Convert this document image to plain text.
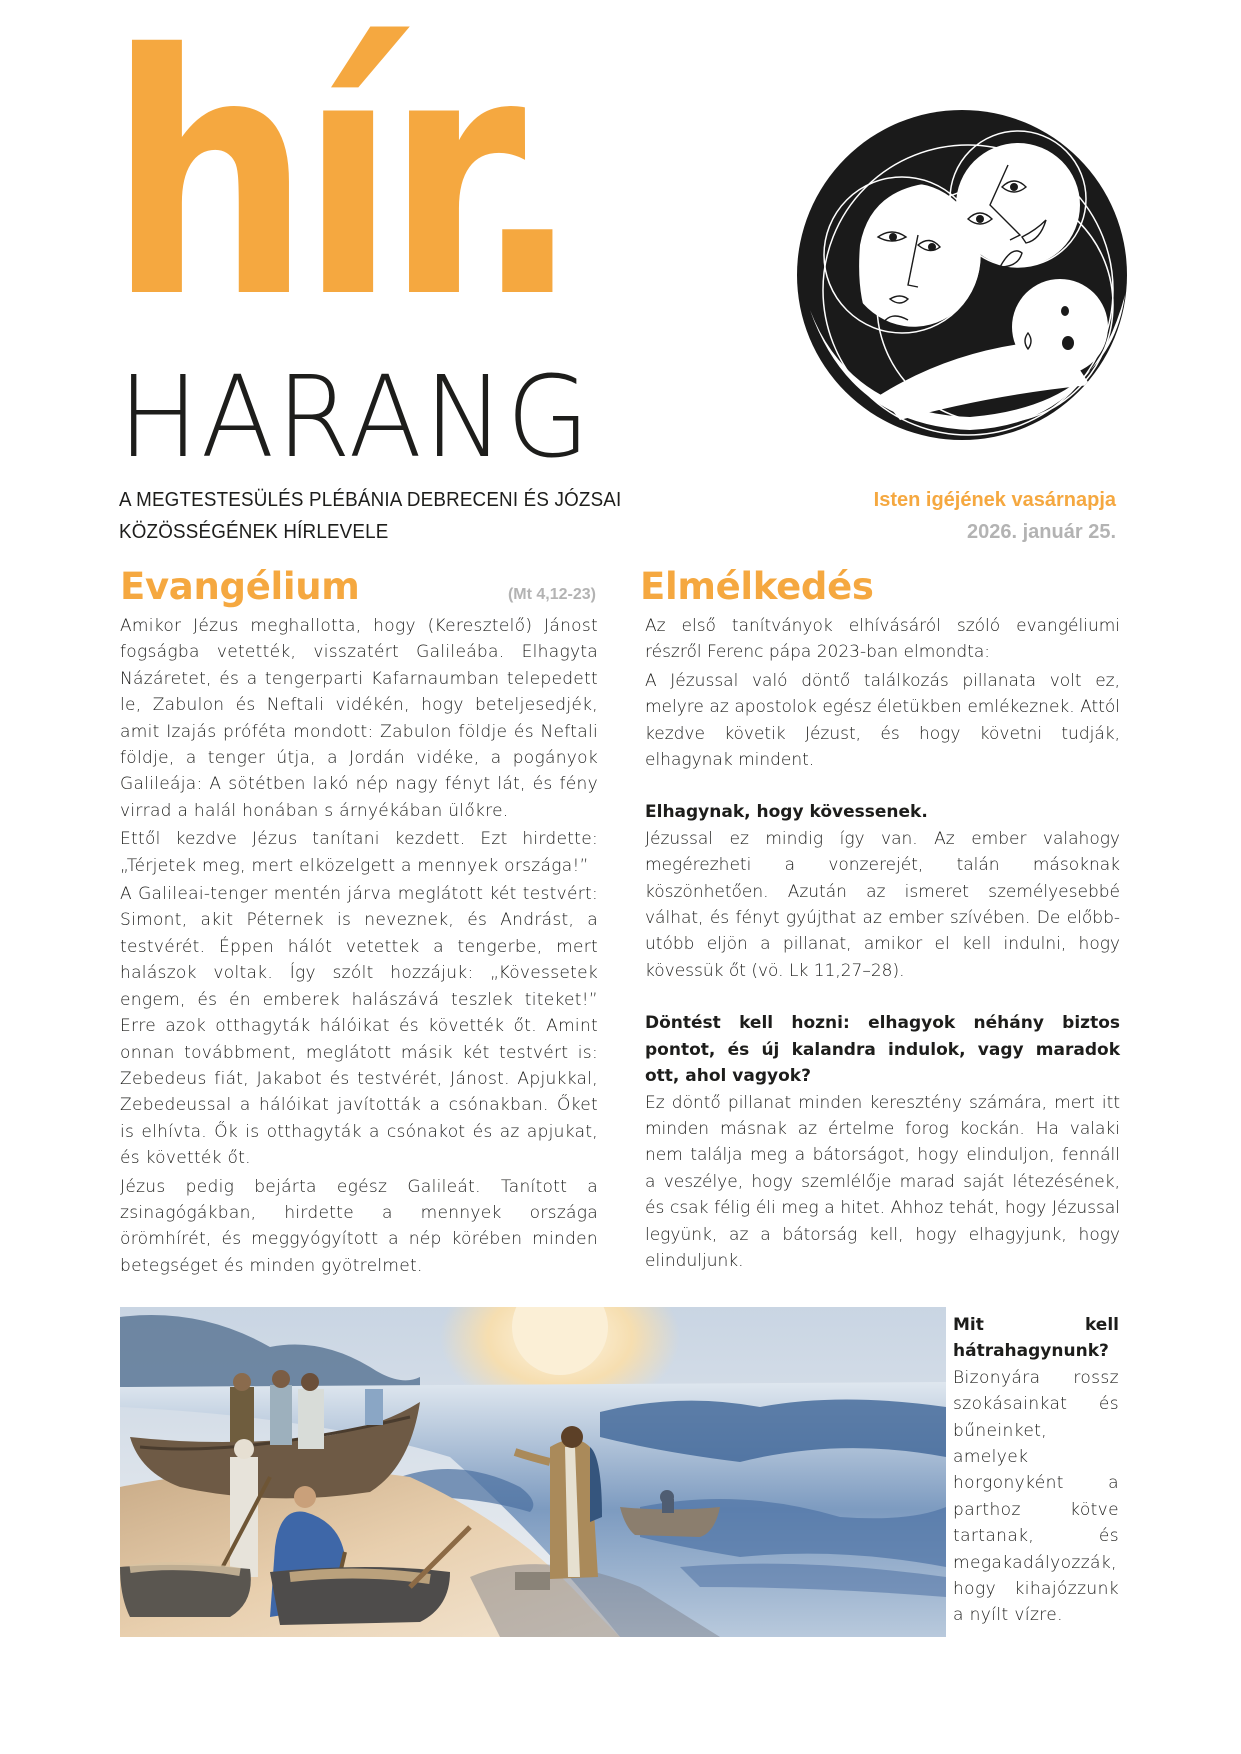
hír.
HARANG
A MEGTESTESÜLÉS PLÉBÁNIA DEBRECENI ÉS JÓZSAI
KÖZÖSSÉGÉNEK HÍRLEVELE
Isten igéjének vasárnapja
2026. január 25.
Evangélium	(Mt 4,12-23)

Amikor Jézus meghallotta, hogy (Keresztelő) Jánost fogságba vetették, visszatért Galileába. Elhagyta Názáretet, és a tengerparti Kafarnaumban telepedett le, Zabulon és Neftali vidékén, hogy beteljesedjék, amit Izajás próféta mondott: Zabulon földje és Neftali földje, a tenger útja, a Jordán vidéke, a pogányok Galileája: A sötétben lakó nép nagy fényt lát, és fény virrad a halál honában s árnyékában ülőkre.

Ettől kezdve Jézus tanítani kezdett. Ezt hirdette: „Térjetek meg, mert elközelgett a mennyek országa!”

A Galileai-tenger mentén járva meglátott két testvért: Simont, akit Péternek is neveznek, és Andrást, a testvérét. Éppen hálót vetettek a tengerbe, mert halászok voltak. Így szólt hozzájuk: „Kövessetek engem, és én emberek halászává teszlek titeket!” Erre azok otthagyták hálóikat és követték őt. Amint onnan továbbment, meglátott másik két testvért is: Zebedeus fiát, Jakabot és testvérét, Jánost. Apjukkal, Zebedeussal a hálóikat javították a csónakban. Őket is elhívta. Ők is otthagyták a csónakot és az apjukat, és követték őt.

Jézus pedig bejárta egész Galileát. Tanított a zsinagógákban, hirdette a mennyek országa örömhírét, és meggyógyított a nép körében minden betegséget és minden gyötrelmet.

Elmélkedés

Az első tanítványok elhívásáról szóló evangéliumi részről Ferenc pápa 2023-ban elmondta:

A Jézussal való döntő találkozás pillanata volt ez, melyre az apostolok egész életükben emlékeznek. Attól kezdve követik Jézust, és hogy követni tudják, elhagynak mindent.

Elhagynak, hogy kövessenek.

Jézussal ez mindig így van. Az ember valahogy megérezheti a vonzerejét, talán másoknak köszönhetően. Azután az ismeret személyesebbé válhat, és fényt gyújthat az ember szívében. De előbb-utóbb eljön a pillanat, amikor el kell indulni, hogy kövessük őt (vö. Lk 11,27–28).

Döntést kell hozni: elhagyok néhány biztos pontot, és új kalandra indulok, vagy maradok ott, ahol vagyok?

Ez döntő pillanat minden keresztény számára, mert itt minden másnak az értelme forog kockán. Ha valaki nem találja meg a bátorságot, hogy elinduljon, fennáll a veszélye, hogy szemlélője marad saját létezésének, és csak félig éli meg a hitet. Ahhoz tehát, hogy Jézussal legyünk, az a bátorság kell, hogy elhagyjunk, hogy elinduljunk.

Mit kell hátrahagynunk?

Bizonyára rossz szokásainkat és bűneinket, amelyek horgonyként a parthoz kötve tartanak, és megakadályozzák, hogy kihajózzunk a nyílt vízre.
